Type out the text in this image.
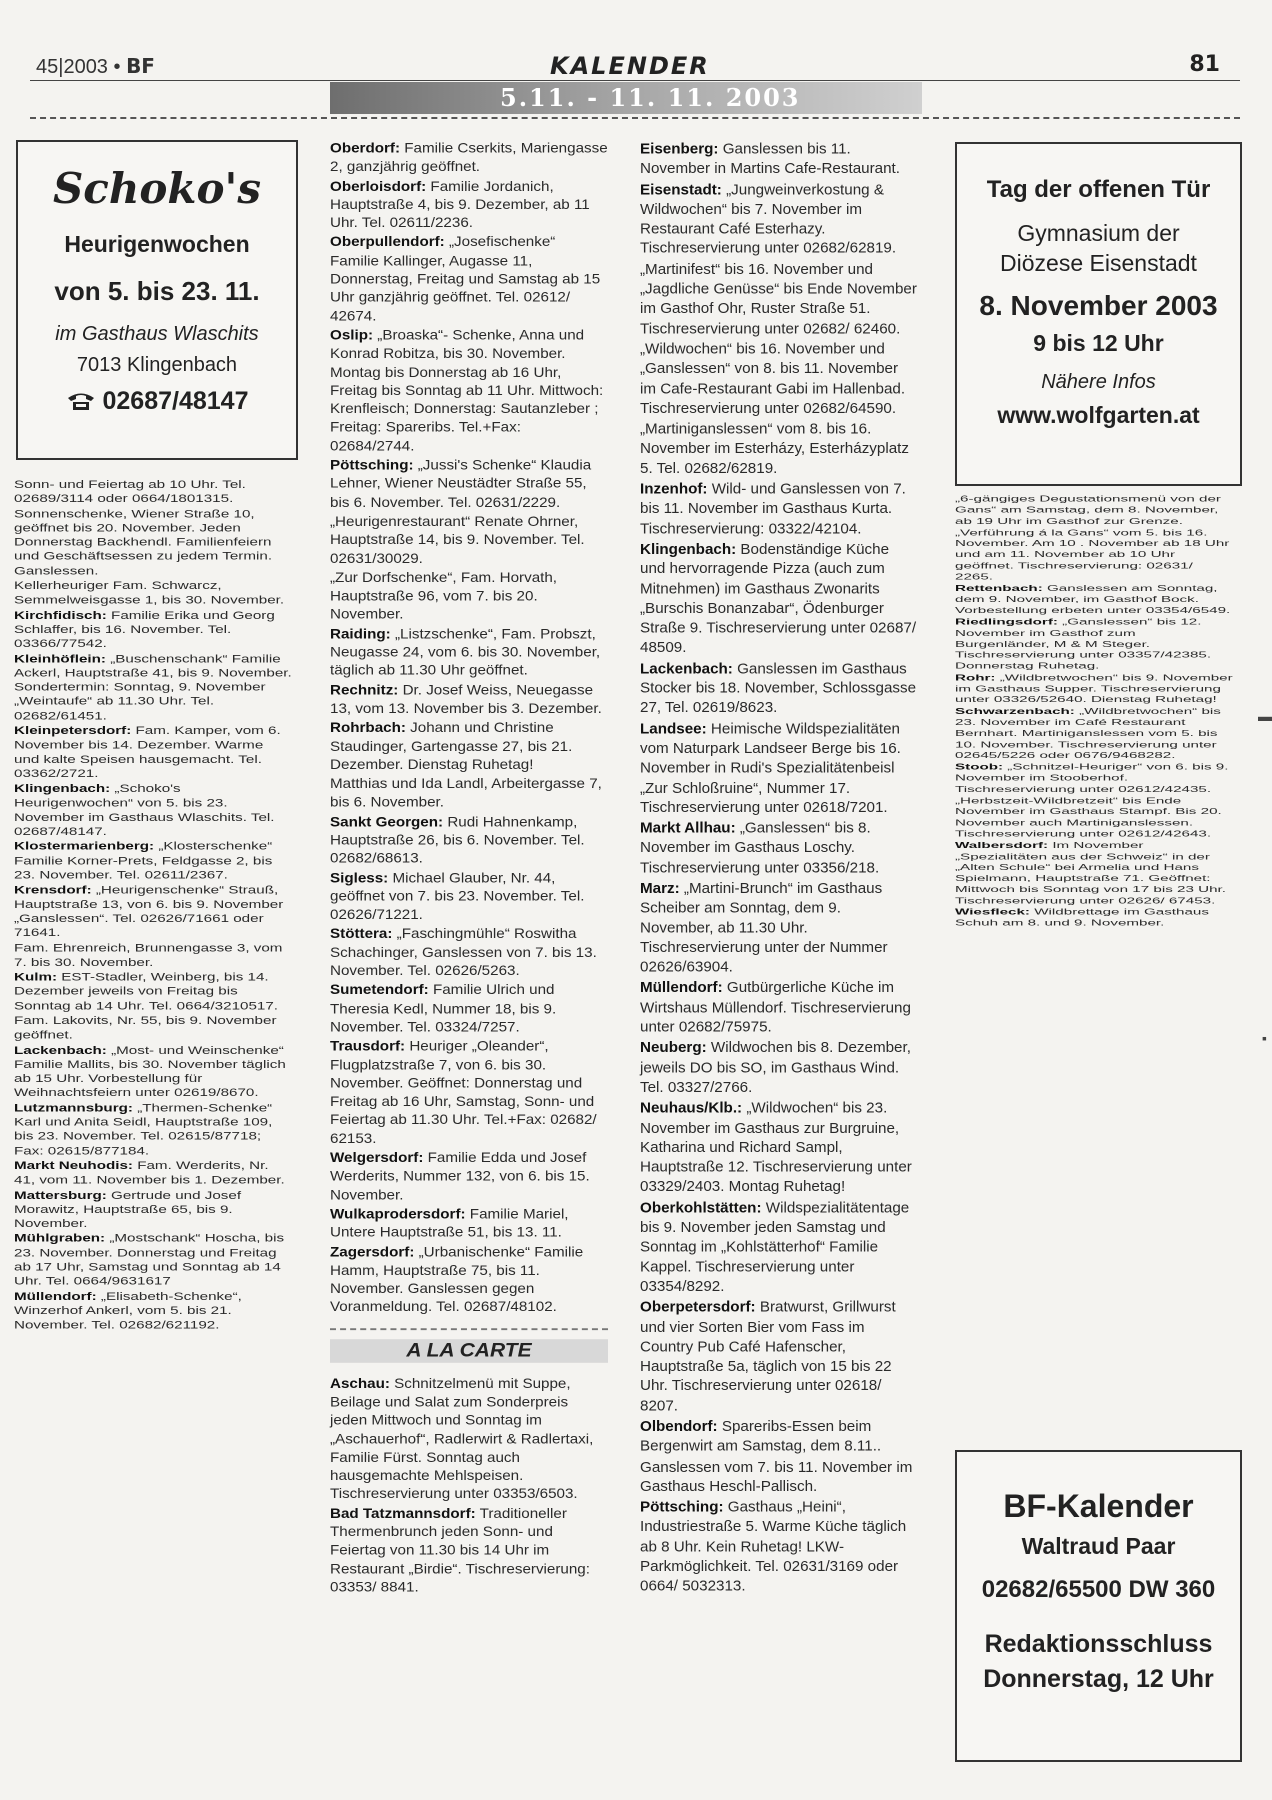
45|2003 • BF	KALENDER	81
5.11. - 11. 11. 2003
Schoko's
Heurigenwochen
von 5. bis 23. 11.
im Gasthaus Wlaschits
7013 Klingenbach
02687/48147
Tag der offenen Tür
Gymnasium der
Diözese Eisenstadt
8. November 2003
9 bis 12 Uhr
Nähere Infos
www.wolfgarten.at
BF-Kalender
Waltraud Paar
02682/65500 DW 360
Redaktionsschluss
Donnerstag, 12 Uhr

Sonn- und Feiertag ab 10 Uhr. Tel. 02689/3114 oder 0664/1801315.

Sonnenschenke, Wiener Straße 10, geöffnet bis 20. November. Jeden Donnerstag Backhendl. Familienfeiern und Geschäftsessen zu jedem Termin. Ganslessen.

Kellerheuriger Fam. Schwarcz, Semmelweisgasse 1, bis 30. November.

Kirchfidisch: Familie Erika und Georg Schlaffer, bis 16. November. Tel. 03366/77542.

Kleinhöflein: „Buschenschank“ Familie Ackerl, Hauptstraße 41, bis 9. November. Sondertermin: Sonntag, 9. November „Weintaufe“ ab 11.30 Uhr. Tel. 02682/61451.

Kleinpetersdorf: Fam. Kamper, vom 6. November bis 14. Dezember. Warme und kalte Speisen hausgemacht. Tel. 03362/2721.

Klingenbach: „Schoko's Heurigenwochen“ von 5. bis 23. November im Gasthaus Wlaschits. Tel. 02687/48147.

Klostermarienberg: „Klosterschenke“ Familie Korner-Prets, Feldgasse 2, bis 23. November. Tel. 02611/2367.

Krensdorf: „Heurigenschenke“ Strauß, Hauptstraße 13, von 6. bis 9. November „Ganslessen“. Tel. 02626/71661 oder 71641.

Fam. Ehrenreich, Brunnengasse 3, vom 7. bis 30. November.

Kulm: EST-Stadler, Weinberg, bis 14. Dezember jeweils von Freitag bis Sonntag ab 14 Uhr. Tel. 0664/3210517.

Fam. Lakovits, Nr. 55, bis 9. November geöffnet.

Lackenbach: „Most- und Weinschenke“ Familie Mallits, bis 30. November täglich ab 15 Uhr. Vorbestellung für Weihnachtsfeiern unter 02619/8670.

Lutzmannsburg: „Thermen-Schenke“ Karl und Anita Seidl, Hauptstraße 109, bis 23. November. Tel. 02615/87718; Fax: 02615/877184.

Markt Neuhodis: Fam. Werderits, Nr. 41, vom 11. November bis 1. Dezember.

Mattersburg: Gertrude und Josef Morawitz, Hauptstraße 65, bis 9. November.

Mühlgraben: „Mostschank“ Hoscha, bis 23. November. Donnerstag und Freitag ab 17 Uhr, Samstag und Sonntag ab 14 Uhr. Tel. 0664/9631617

Müllendorf: „Elisabeth-Schenke“, Winzerhof Ankerl, vom 5. bis 21. November. Tel. 02682/621192.

Oberdorf: Familie Cserkits, Mariengasse 2, ganzjährig geöffnet.

Oberloisdorf: Familie Jordanich, Hauptstraße 4, bis 9. Dezember, ab 11 Uhr. Tel. 02611/2236.

Oberpullendorf: „Josefischenke“ Familie Kallinger, Augasse 11, Donnerstag, Freitag und Samstag ab 15 Uhr ganzjährig geöffnet. Tel. 02612/ 42674.

Oslip: „Broaska“- Schenke, Anna und Konrad Robitza, bis 30. November. Montag bis Donnerstag ab 16 Uhr, Freitag bis Sonntag ab 11 Uhr. Mittwoch: Krenfleisch; Donnerstag: Sautanzleber ; Freitag: Spareribs. Tel.+Fax: 02684/2744.

Pöttsching: „Jussi's Schenke“ Klaudia Lehner, Wiener Neustädter Straße 55, bis 6. November. Tel. 02631/2229.

„Heurigenrestaurant“ Renate Ohrner, Hauptstraße 14, bis 9. November. Tel. 02631/30029.

„Zur Dorfschenke“, Fam. Horvath, Hauptstraße 96, vom 7. bis 20. November.

Raiding: „Listzschenke“, Fam. Probszt, Neugasse 24, vom 6. bis 30. November, täglich ab 11.30 Uhr geöffnet.

Rechnitz: Dr. Josef Weiss, Neuegasse 13, vom 13. November bis 3. Dezember.

Rohrbach: Johann und Christine Staudinger, Gartengasse 27, bis 21. Dezember. Dienstag Ruhetag!

Matthias und Ida Landl, Arbeitergasse 7, bis 6. November.

Sankt Georgen: Rudi Hahnenkamp, Hauptstraße 26, bis 6. November. Tel. 02682/68613.

Sigless: Michael Glauber, Nr. 44, geöffnet von 7. bis 23. November. Tel. 02626/71221.

Stöttera: „Faschingmühle“ Roswitha Schachinger, Ganslessen von 7. bis 13. November. Tel. 02626/5263.

Sumetendorf: Familie Ulrich und Theresia Kedl, Nummer 18, bis 9. November. Tel. 03324/7257.

Trausdorf: Heuriger „Oleander“, Flugplatzstraße 7, von 6. bis 30. November. Geöffnet: Donnerstag und Freitag ab 16 Uhr, Samstag, Sonn- und Feiertag ab 11.30 Uhr. Tel.+Fax: 02682/ 62153.

Welgersdorf: Familie Edda und Josef Werderits, Nummer 132, von 6. bis 15. November.

Wulkaprodersdorf: Familie Mariel, Untere Hauptstraße 51, bis 13. 11.

Zagersdorf: „Urbanischenke“ Familie Hamm, Hauptstraße 75, bis 11. November. Ganslessen gegen Voranmeldung. Tel. 02687/48102.

A LA CARTE

Aschau: Schnitzelmenü mit Suppe, Beilage und Salat zum Sonderpreis jeden Mittwoch und Sonntag im „Aschauerhof“, Radlerwirt & Radlertaxi, Familie Fürst. Sonntag auch hausgemachte Mehlspeisen. Tischreservierung unter 03353/6503.

Bad Tatzmannsdorf: Traditioneller Thermenbrunch jeden Sonn- und Feiertag von 11.30 bis 14 Uhr im Restaurant „Birdie“. Tischreservierung: 03353/ 8841.

Eisenberg: Ganslessen bis 11. November in Martins Cafe-Restaurant.

Eisenstadt: „Jungweinverkostung & Wildwochen“ bis 7. November im Restaurant Café Esterhazy. Tischreservierung unter 02682/62819.

„Martinifest“ bis 16. November und „Jagdliche Genüsse“ bis Ende November im Gasthof Ohr, Ruster Straße 51. Tischreservierung unter 02682/ 62460.

„Wildwochen“ bis 16. November und „Ganslessen“ von 8. bis 11. November im Cafe-Restaurant Gabi im Hallenbad. Tischreservierung unter 02682/64590.

„Martiniganslessen“ vom 8. bis 16. November im Esterházy, Esterházyplatz 5. Tel. 02682/62819.

Inzenhof: Wild- und Ganslessen von 7. bis 11. November im Gasthaus Kurta. Tischreservierung: 03322/42104.

Klingenbach: Bodenständige Küche und hervorragende Pizza (auch zum Mitnehmen) im Gasthaus Zwonarits „Burschis Bonanzabar“, Ödenburger Straße 9. Tischreservierung unter 02687/ 48509.

Lackenbach: Ganslessen im Gasthaus Stocker bis 18. November, Schlossgasse 27, Tel. 02619/8623.

Landsee: Heimische Wildspezialitäten vom Naturpark Landseer Berge bis 16. November in Rudi's Spezialitätenbeisl „Zur Schloßruine“, Nummer 17. Tischreservierung unter 02618/7201.

Markt Allhau: „Ganslessen“ bis 8. November im Gasthaus Loschy. Tischreservierung unter 03356/218.

Marz: „Martini-Brunch“ im Gasthaus Scheiber am Sonntag, dem 9. November, ab 11.30 Uhr. Tischreservierung unter der Nummer 02626/63904.

Müllendorf: Gutbürgerliche Küche im Wirtshaus Müllendorf. Tischreservierung unter 02682/75975.

Neuberg: Wildwochen bis 8. Dezember, jeweils DO bis SO, im Gasthaus Wind. Tel. 03327/2766.

Neuhaus/Klb.: „Wildwochen“ bis 23. November im Gasthaus zur Burgruine, Katharina und Richard Sampl, Hauptstraße 12. Tischreservierung unter 03329/2403. Montag Ruhetag!

Oberkohlstätten: Wildspezialitätentage bis 9. November jeden Samstag und Sonntag im „Kohlstätterhof“ Familie Kappel. Tischreservierung unter 03354/8292.

Oberpetersdorf: Bratwurst, Grillwurst und vier Sorten Bier vom Fass im Country Pub Café Hafenscher, Hauptstraße 5a, täglich von 15 bis 22 Uhr. Tischreservierung unter 02618/ 8207.

Olbendorf: Spareribs-Essen beim Bergenwirt am Samstag, dem 8.11..

Ganslessen vom 7. bis 11. November im Gasthaus Heschl-Pallisch.

Pöttsching: Gasthaus „Heini“, Industriestraße 5. Warme Küche täglich ab 8 Uhr. Kein Ruhetag! LKW-Parkmöglichkeit. Tel. 02631/3169 oder 0664/ 5032313.

„6-gängiges Degustationsmenü von der Gans“ am Samstag, dem 8. November, ab 19 Uhr im Gasthof zur Grenze.

„Verführung á la Gans“ vom 5. bis 16. November. Am 10 . November ab 18 Uhr und am 11. November ab 10 Uhr geöffnet. Tischreservierung: 02631/ 2265.

Rettenbach: Ganslessen am Sonntag, dem 9. November, im Gasthof Bock. Vorbestellung erbeten unter 03354/6549.

Riedlingsdorf: „Ganslessen“ bis 12. November im Gasthof zum Burgenländer, M & M Steger. Tischreservierung unter 03357/42385. Donnerstag Ruhetag.

Rohr: „Wildbretwochen“ bis 9. November im Gasthaus Supper. Tischreservierung unter 03326/52640. Dienstag Ruhetag!

Schwarzenbach: „Wildbretwochen“ bis 23. November im Café Restaurant Bernhart. Martiniganslessen vom 5. bis 10. November. Tischreservierung unter 02645/5226 oder 0676/9468282.

Stoob: „Schnitzel-Heuriger“ von 6. bis 9. November im Stooberhof. Tischreservierung unter 02612/42435.

„Herbstzeit-Wildbretzeit“ bis Ende November im Gasthaus Stampf. Bis 20. November auch Martiniganslessen. Tischreservierung unter 02612/42643.

Walbersdorf: Im November „Spezialitäten aus der Schweiz“ in der „Alten Schule“ bei Armelia und Hans Spielmann, Hauptstraße 71. Geöffnet: Mittwoch bis Sonntag von 17 bis 23 Uhr. Tischreservierung unter 02626/ 67453.

Wiesfleck: Wildbrettage im Gasthaus Schuh am 8. und 9. November.

▬
▪
